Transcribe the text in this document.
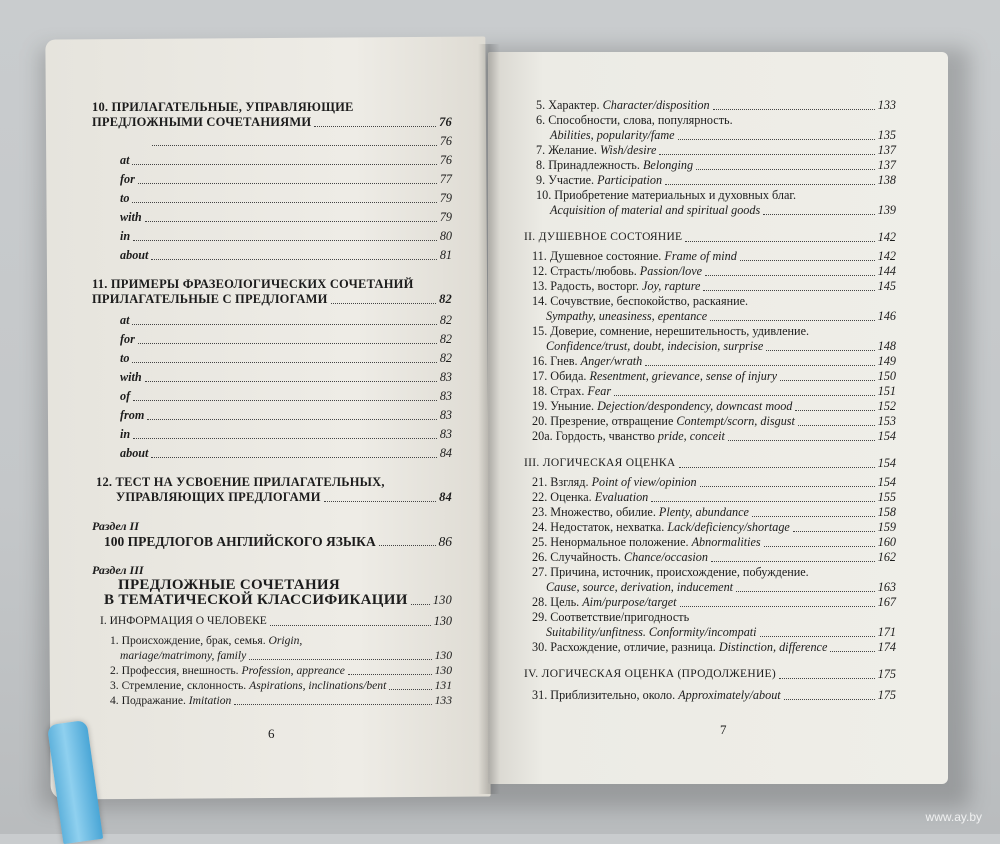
10. ПРИЛАГАТЕЛЬНЫЕ, УПРАВЛЯЮЩИЕ
ПРЕДЛОЖНЫМИ СОЧЕТАНИЯМИ	76
76
at	76
for	77
to	79
with	79
in	80
about	81
11. ПРИМЕРЫ ФРАЗЕОЛОГИЧЕСКИХ СОЧЕТАНИЙ
ПРИЛАГАТЕЛЬНЫЕ С ПРЕДЛОГАМИ	82
at	82
for	82
to	82
with	83
of	83
from	83
in	83
about	84
12. ТЕСТ НА УСВОЕНИЕ ПРИЛАГАТЕЛЬНЫХ,
УПРАВЛЯЮЩИХ ПРЕДЛОГАМИ	84
Раздел II
100 ПРЕДЛОГОВ АНГЛИЙСКОГО ЯЗЫКА	86
Раздел III
ПРЕДЛОЖНЫЕ СОЧЕТАНИЯ
В ТЕМАТИЧЕСКОЙ КЛАССИФИКАЦИИ 130
I. ИНФОРМАЦИЯ О ЧЕЛОВЕКЕ	130
1. Происхождение, брак, семья. Origin,
mariage/matrimony, family	130
2. Профессия, внешность. Profession, appreance	130
3. Стремление, склонность. Aspirations, inclinations/bent	131
4. Подражание. Imitation	133
6
5. Характер. Character/disposition	133
6. Способности, слова, популярность.
Abilities, popularity/fame	135
7. Желание. Wish/desire	137
8. Принадлежность. Belonging	137
9. Участие. Participation	138
10. Приобретение материальных и духовных благ.
Acquisition of material and spiritual goods	139
II. ДУШЕВНОЕ СОСТОЯНИЕ	142
11. Душевное состояние. Frame of mind	142
12. Страсть/любовь. Passion/love	144
13. Радость, восторг. Joy, rapture	145
14. Сочувствие, беспокойство, раскаяние.
Sympathy, uneasiness, epentance	146
15. Доверие, сомнение, нерешительность, удивление.
Confidence/trust, doubt, indecision, surprise	148
16. Гнев. Anger/wrath	149
17. Обида. Resentment, grievance, sense of injury	150
18. Страх. Fear	151
19. Уныние. Dejection/despondency, downcast mood	152
20. Презрение, отвращение Contempt/scorn, disgust	153
20а. Гордость, чванство pride, conceit	154
III. ЛОГИЧЕСКАЯ ОЦЕНКА	154
21. Взгляд. Point of view/opinion	154
22. Оценка. Evaluation	155
23. Множество, обилие. Plenty, abundance	158
24. Недостаток, нехватка. Lack/deficiency/shortage	159
25. Ненормальное положение. Abnormalities	160
26. Случайность. Chance/occasion	162
27. Причина, источник, происхождение, побуждение.
Cause, source, derivation, inducement	163
28. Цель. Aim/purpose/target	167
29. Соответствие/пригодность
Suitability/unfitness. Conformity/incompati	171
30. Расхождение, отличие, разница. Distinction, difference	174
IV. ЛОГИЧЕСКАЯ ОЦЕНКА (ПРОДОЛЖЕНИЕ)	175
31. Приблизительно, около. Approximately/about	175
7
www.ay.by
